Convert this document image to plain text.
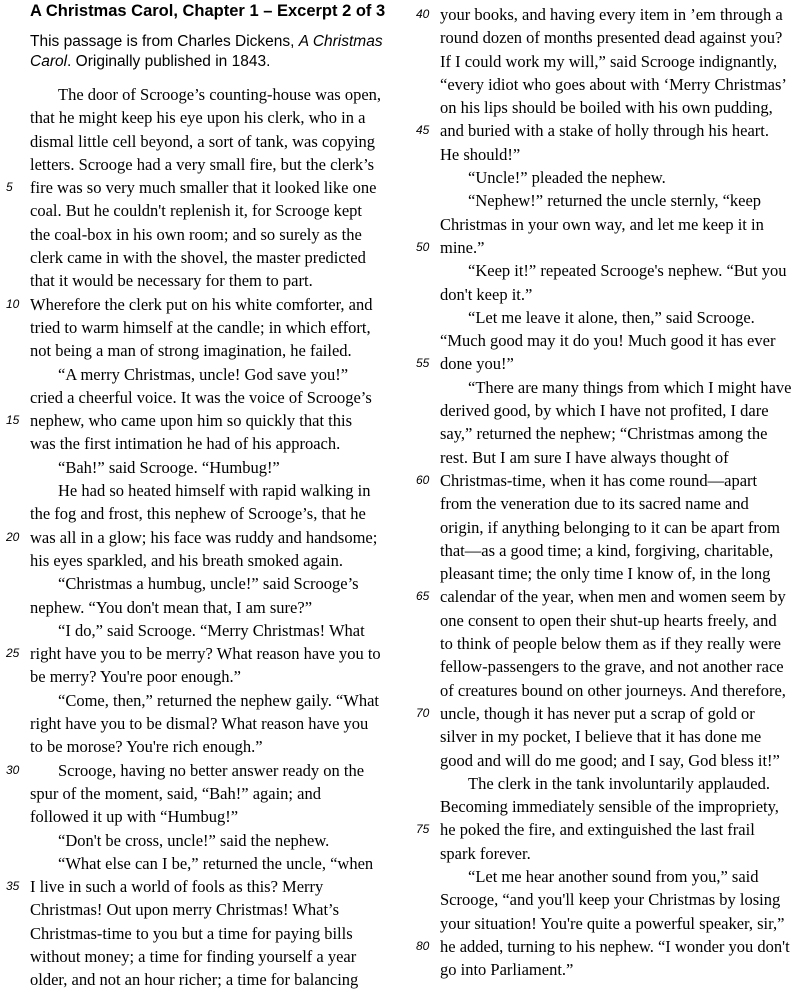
A Christmas Carol, Chapter 1 – Excerpt 2 of 3
This passage is from Charles Dickens, A Christmas
Carol. Originally published in 1843.
The door of Scrooge’s counting-house was open,
that he might keep his eye upon his clerk, who in a
dismal little cell beyond, a sort of tank, was copying
letters. Scrooge had a very small fire, but the clerk’s
5 fire was so very much smaller that it looked like one
coal. But he couldn't replenish it, for Scrooge kept
the coal-box in his own room; and so surely as the
clerk came in with the shovel, the master predicted
that it would be necessary for them to part.
10 Wherefore the clerk put on his white comforter, and
tried to warm himself at the candle; in which effort,
not being a man of strong imagination, he failed.
“A merry Christmas, uncle! God save you!”
cried a cheerful voice. It was the voice of Scrooge’s
15 nephew, who came upon him so quickly that this
was the first intimation he had of his approach.
“Bah!” said Scrooge. “Humbug!”
He had so heated himself with rapid walking in
the fog and frost, this nephew of Scrooge’s, that he
20 was all in a glow; his face was ruddy and handsome;
his eyes sparkled, and his breath smoked again.
“Christmas a humbug, uncle!” said Scrooge’s
nephew. “You don't mean that, I am sure?”
“I do,” said Scrooge. “Merry Christmas! What
25 right have you to be merry? What reason have you to
be merry? You're poor enough.”
“Come, then,” returned the nephew gaily. “What
right have you to be dismal? What reason have you
to be morose? You're rich enough.”
30 Scrooge, having no better answer ready on the
spur of the moment, said, “Bah!” again; and
followed it up with “Humbug!”
“Don't be cross, uncle!” said the nephew.
“What else can I be,” returned the uncle, “when
35 I live in such a world of fools as this? Merry
Christmas! Out upon merry Christmas! What’s
Christmas-time to you but a time for paying bills
without money; a time for finding yourself a year
older, and not an hour richer; a time for balancing
40 your books, and having every item in ’em through a
round dozen of months presented dead against you?
If I could work my will,” said Scrooge indignantly,
“every idiot who goes about with ‘Merry Christmas’
on his lips should be boiled with his own pudding,
45 and buried with a stake of holly through his heart.
He should!”
“Uncle!” pleaded the nephew.
“Nephew!” returned the uncle sternly, “keep
Christmas in your own way, and let me keep it in
50 mine.”
“Keep it!” repeated Scrooge's nephew. “But you
don't keep it.”
“Let me leave it alone, then,” said Scrooge.
“Much good may it do you! Much good it has ever
55 done you!”
“There are many things from which I might have
derived good, by which I have not profited, I dare
say,” returned the nephew; “Christmas among the
rest. But I am sure I have always thought of
60 Christmas-time, when it has come round—apart
from the veneration due to its sacred name and
origin, if anything belonging to it can be apart from
that—as a good time; a kind, forgiving, charitable,
pleasant time; the only time I know of, in the long
65 calendar of the year, when men and women seem by
one consent to open their shut-up hearts freely, and
to think of people below them as if they really were
fellow-passengers to the grave, and not another race
of creatures bound on other journeys. And therefore,
70 uncle, though it has never put a scrap of gold or
silver in my pocket, I believe that it has done me
good and will do me good; and I say, God bless it!”
The clerk in the tank involuntarily applauded.
Becoming immediately sensible of the impropriety,
75 he poked the fire, and extinguished the last frail
spark forever.
“Let me hear another sound from you,” said
Scrooge, “and you'll keep your Christmas by losing
your situation! You're quite a powerful speaker, sir,”
80 he added, turning to his nephew. “I wonder you don't
go into Parliament.”
